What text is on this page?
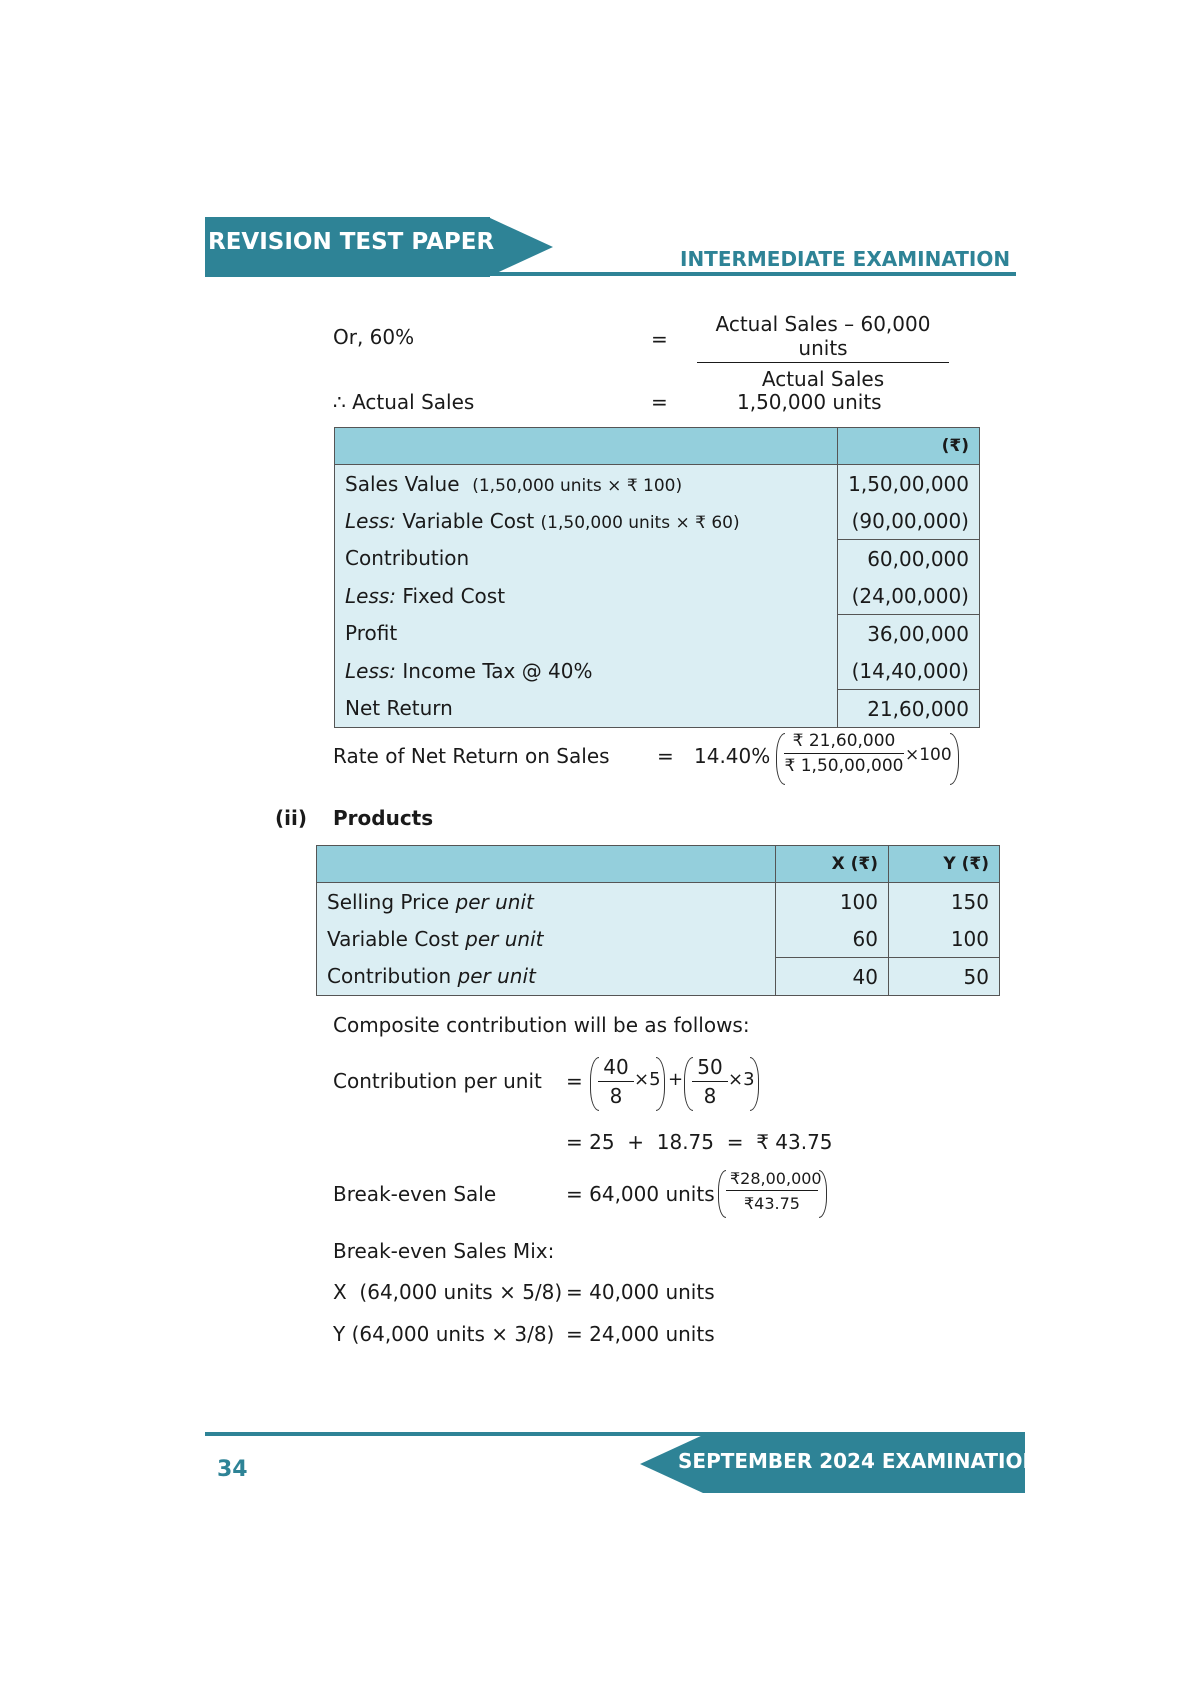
REVISION TEST PAPER
INTERMEDIATE EXAMINATION
Or, 60%	=
Actual Sales – 60,000 units
Actual Sales
∴ Actual Sales	=	1,50,000 units
	(₹)
Sales Value (1,50,000 units × ₹ 100)	1,50,00,000
Less: Variable Cost (1,50,000 units × ₹ 60)	(90,00,000)
Contribution	60,00,000
Less: Fixed Cost	(24,00,000)
Profit	36,00,000
Less: Income Tax @ 40%	(14,40,000)
Net Return	21,60,000
Rate of Net Return on Sales = 14.40%
₹ 21,60,000
₹ 1,50,00,000
×100
(ii) Products
	X (₹)	Y (₹)
Selling Price per unit	100	150
Variable Cost per unit	60	100
Contribution per unit	40	50
Composite contribution will be as follows:
Contribution per unit =
40
8
×5 +
50
8
×3
= 25  +  18.75  =  ₹ 43.75
Break-even Sale	= 64,000 units
₹28,00,000
₹43.75
Break-even Sales Mix:
X  (64,000 units × 5/8) = 40,000 units
Y (64,000 units × 3/8) = 24,000 units
SEPTEMBER 2024 EXAMINATION
34
